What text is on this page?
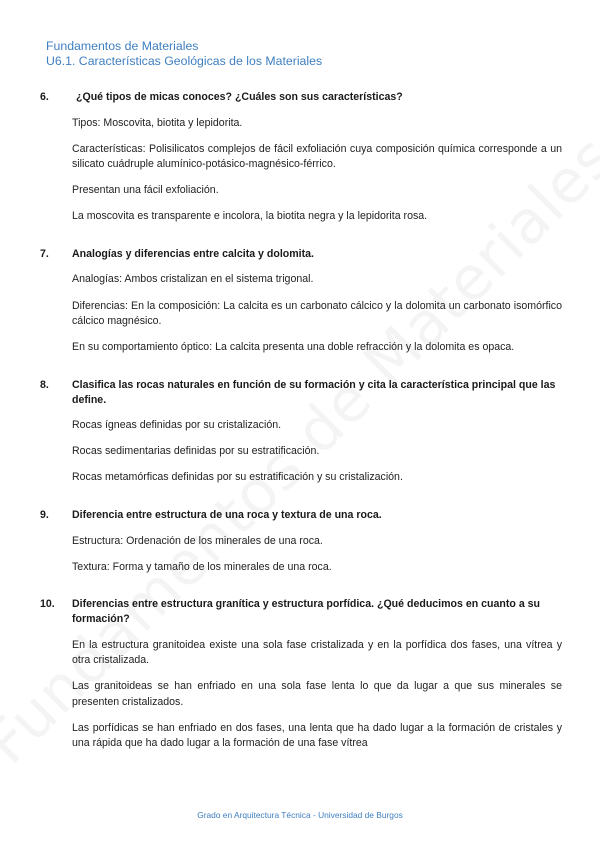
Fundamentos de Materiales
U6.1. Características Geológicas de los Materiales
6.	¿Qué tipos de micas conoces? ¿Cuáles son sus características?

Tipos: Moscovita, biotita y lepidorita.

Características: Polisilicatos complejos de fácil exfoliación cuya composición química corresponde a un silicato cuádruple alumínico-potásico-magnésico-férrico.

Presentan una fácil exfoliación.

La moscovita es transparente e incolora, la biotita negra y la lepidorita rosa.

7.	Analogías y diferencias entre calcita y dolomita.

Analogías: Ambos cristalizan en el sistema trigonal.

Diferencias: En la composición: La calcita es un carbonato cálcico y la dolomita un carbonato isomórfico cálcico magnésico.

En su comportamiento óptico: La calcita presenta una doble refracción y la dolomita es opaca.

8.	Clasifica las rocas naturales en función de su formación y cita la característica principal que las define.

Rocas ígneas definidas por su cristalización.

Rocas sedimentarias definidas por su estratificación.

Rocas metamórficas definidas por su estratificación y su cristalización.

9.	Diferencia entre estructura de una roca y textura de una roca.

Estructura: Ordenación de los minerales de una roca.

Textura: Forma y tamaño de los minerales de una roca.

10.	Diferencias entre estructura granítica y estructura porfídica. ¿Qué deducimos en cuanto a su formación?

En la estructura granitoidea existe una sola fase cristalizada y en la porfídica dos fases, una vítrea y otra cristalizada.

Las granitoideas se han enfriado en una sola fase lenta lo que da lugar a que sus minerales se presenten cristalizados.

Las porfídicas se han enfriado en dos fases, una lenta que ha dado lugar a la formación de cristales y una rápida que ha dado lugar a la formación de una fase vítrea

Grado en Arquitectura Técnica - Universidad de Burgos
